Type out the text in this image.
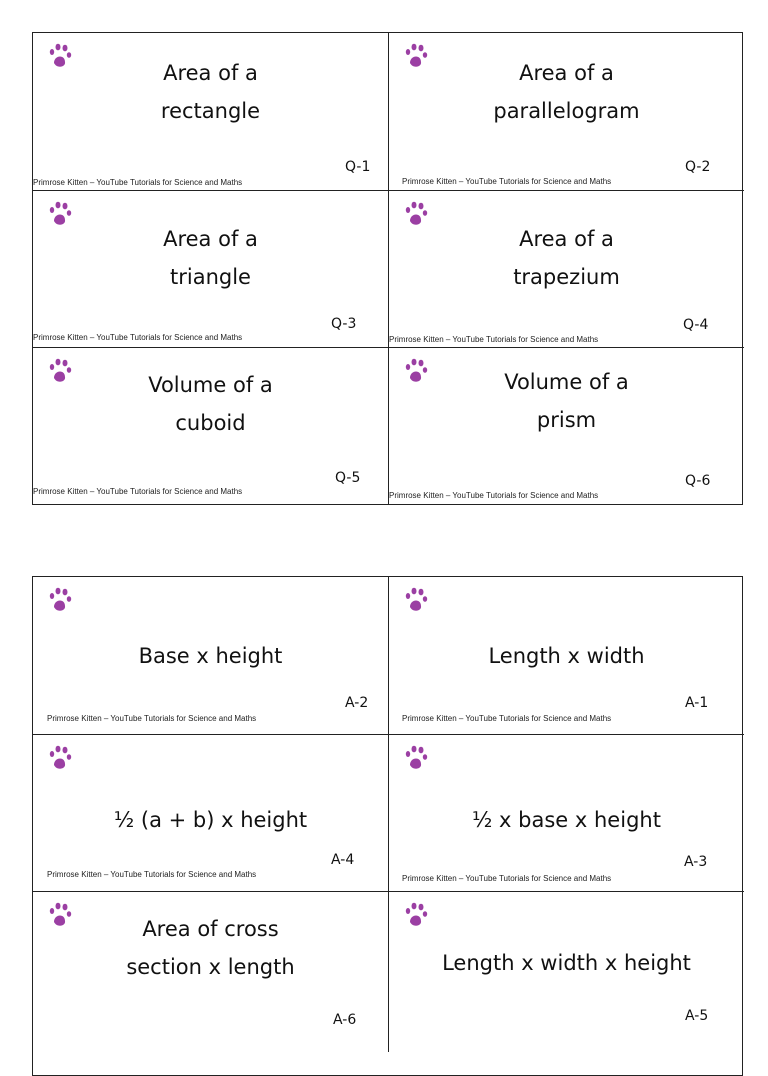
Area of a
rectangle
Q-1
Primrose Kitten – YouTube Tutorials for Science and Maths
Area of a
parallelogram
Q-2
Primrose Kitten – YouTube Tutorials for Science and Maths
Area of a
triangle
Q-3
Primrose Kitten – YouTube Tutorials for Science and Maths
Area of a
trapezium
Q-4
Primrose Kitten – YouTube Tutorials for Science and Maths
Volume of a
cuboid
Q-5
Primrose Kitten – YouTube Tutorials for Science and Maths
Volume of a
prism
Q-6
Primrose Kitten – YouTube Tutorials for Science and Maths
Base x height
A-2
Primrose Kitten – YouTube Tutorials for Science and Maths
Length x width
A-1
Primrose Kitten – YouTube Tutorials for Science and Maths
½ (a + b) x height
A-4
Primrose Kitten – YouTube Tutorials for Science and Maths
½ x base x height
A-3
Primrose Kitten – YouTube Tutorials for Science and Maths
Area of cross
section x length
A-6
Length x width x height
A-5
